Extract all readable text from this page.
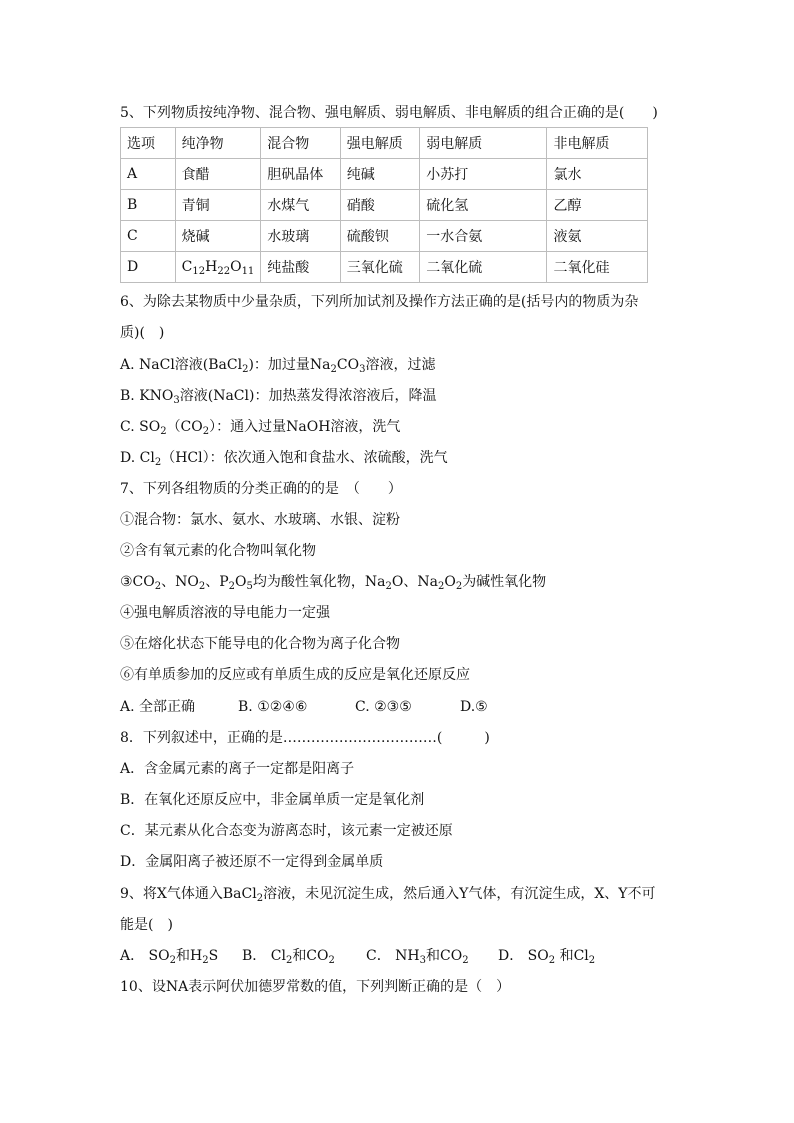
5、下列物质按纯净物、混合物、强电解质、弱电解质、非电解质的组合正确的是(　　)
选项	纯净物	混合物	强电解质	弱电解质	非电解质
A	食醋	胆矾晶体	纯碱	小苏打	氯水
B	青铜	水煤气	硝酸	硫化氢	乙醇
C	烧碱	水玻璃	硫酸钡	一水合氨	液氨
D	$C_{12}H_{22}O_{11}$	纯盐酸	三氧化硫	二氧化硫	二氧化硅
6、为除去某物质中少量杂质，下列所加试剂及操作方法正确的是(括号内的物质为杂
质)(　)
A. NaCl溶液(BaCl$_2$)：加过量$Na_2CO_3$溶液，过滤
B. $KNO_3$溶液(NaCl)：加热蒸发得浓溶液后，降温
C. $SO_2(CO_2)$：通入过量NaOH溶液，洗气
D. $Cl_2(HCl)$：依次通入饱和食盐水、浓硫酸，洗气
7、下列各组物质的分类正确的的是　（　　）
①混合物：氯水、氨水、水玻璃、水银、淀粉
②含有氧元素的化合物叫氧化物
$③CO_2$、$NO_2$、$P_2O_5$均为酸性氧化物，$Na_2O$、$Na_2O_2$为碱性氧化物
④强电解质溶液的导电能力一定强
⑤在熔化状态下能导电的化合物为离子化合物
⑥有单质参加的反应或有单质生成的反应是氧化还原反应
A. 全部正确	B. ①②④⑥	C. ②③⑤	D.⑤
8．下列叙述中，正确的是……………………………(　　　)
A．含金属元素的离子一定都是阳离子
B．在氧化还原反应中，非金属单质一定是氧化剂
C．某元素从化合态变为游离态时，该元素一定被还原
D．金属阳离子被还原不一定得到金属单质
9、将X气体通入BaCl$_2$溶液，未见沉淀生成，然后通入Y气体，有沉淀生成，X、Y不可
能是(　)
A． $SO_2$和$H_2S$ B． $Cl_2$和$CO_2$ C． $NH_3$和$CO_2$ D． $SO_2$ 和$Cl_2$
10、设NA表示阿伏加德罗常数的值，下列判断正确的是（　）
